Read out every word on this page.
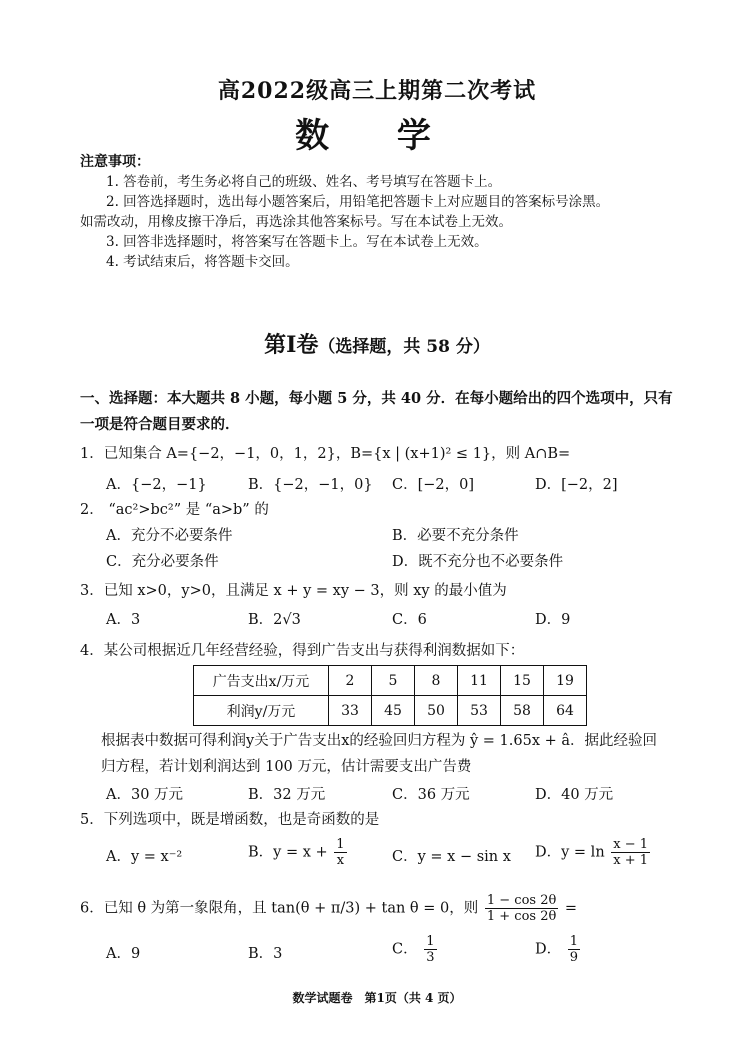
高2022级高三上期第二次考试
数 学
注意事项：
1. 答卷前，考生务必将自己的班级、姓名、考号填写在答题卡上。
2. 回答选择题时，选出每小题答案后，用铅笔把答题卡上对应题目的答案标号涂黑。
如需改动，用橡皮擦干净后，再选涂其他答案标号。写在本试卷上无效。
3. 回答非选择题时，将答案写在答题卡上。写在本试卷上无效。
4. 考试结束后，将答题卡交回。
第Ⅰ卷（选择题，共 58 分）
一、选择题：本大题共 8 小题，每小题 5 分，共 40 分．在每小题给出的四个选项中，只有
一项是符合题目要求的．
1．已知集合 A={−2，−1，0，1，2}，B={x | (x+1)² ≤ 1}，则 A∩B=
A．{−2，−1}	B．{−2，−1，0} C．[−2，0]	D．[−2，2]
2． “ac²>bc²” 是 “a>b” 的
A．充分不必要条件	B．必要不充分条件
C．充分必要条件	D．既不充分也不必要条件
3．已知 x>0，y>0，且满足 x + y = xy − 3，则 xy 的最小值为
A．3	B．2√3	C．6	D．9
4．某公司根据近几年经营经验，得到广告支出与获得利润数据如下：
广告支出x/万元	2	5	8	11	15	19
利润y/万元	33	45	50	53	58	64
根据表中数据可得利润y关于广告支出x的经验回归方程为 ŷ = 1.65x + â．据此经验回
归方程，若计划利润达到 100 万元，估计需要支出广告费
A．30 万元	B．32 万元	C．36 万元	D．40 万元
5．下列选项中，既是增函数，也是奇函数的是
A．y = x⁻²	B．$y = x + \frac{1}{x}$	C．y = x − sin x D．$y = \ln \frac{x - 1}{x + 1}$
6．已知 θ 为第一象限角，且 tan(θ + π/3) + tan θ = 0，则 $\frac{1 - \cos 2\theta}{1 + \cos 2\theta}$ =
A．9	B．3	C． $\frac{1}{3}$	D． $\frac{1}{9}$
数学试题卷　第1页（共 4 页）
